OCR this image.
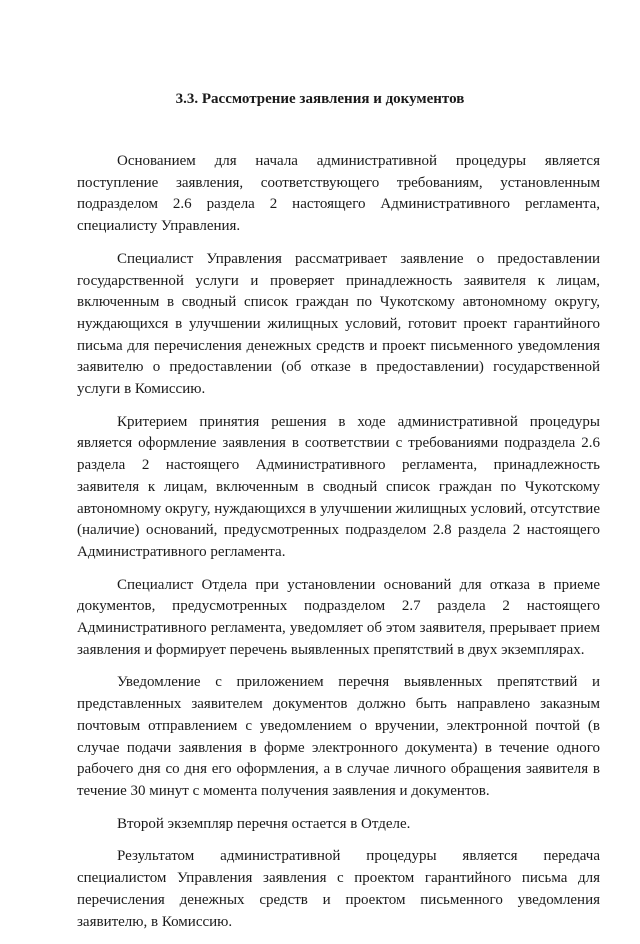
3.3. Рассмотрение заявления и документов

Основанием для начала административной процедуры является поступление заявления, соответствующего требованиям, установленным подразделом 2.6 раздела 2 настоящего Административного регламента, специалисту Управления.

Специалист Управления рассматривает заявление о предоставлении государственной услуги и проверяет принадлежность заявителя к лицам, включенным в сводный список граждан по Чукотскому автономному округу, нуждающихся в улучшении жилищных условий, готовит проект гарантийного письма для перечисления денежных средств и проект письменного уведомления заявителю о предоставлении (об отказе в предоставлении) государственной услуги в Комиссию.

Критерием принятия решения в ходе административной процедуры является оформление заявления в соответствии с требованиями подраздела 2.6 раздела 2 настоящего Административного регламента, принадлежность заявителя к лицам, включенным в сводный список граждан по Чукотскому автономному округу, нуждающихся в улучшении жилищных условий, отсутствие (наличие) оснований, предусмотренных подразделом 2.8 раздела 2 настоящего Административного регламента.

Специалист Отдела при установлении оснований для отказа в приеме документов, предусмотренных подразделом 2.7 раздела 2 настоящего Административного регламента, уведомляет об этом заявителя, прерывает прием заявления и формирует перечень выявленных препятствий в двух экземплярах.

Уведомление с приложением перечня выявленных препятствий и представленных заявителем документов должно быть направлено заказным почтовым отправлением с уведомлением о вручении, электронной почтой (в случае подачи заявления в форме электронного документа) в течение одного рабочего дня со дня его оформления, а в случае личного обращения заявителя в течение 30 минут с момента получения заявления и документов.

Второй экземпляр перечня остается в Отделе.

Результатом административной процедуры является передача специалистом Управления заявления с проектом гарантийного письма для перечисления денежных средств и проектом письменного уведомления заявителю, в Комиссию.
